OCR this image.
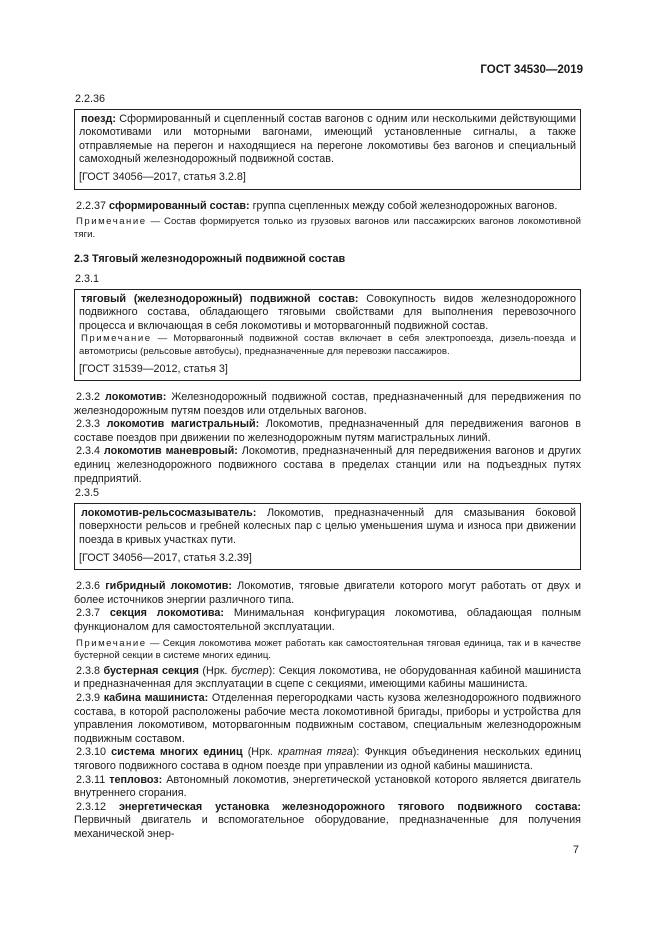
ГОСТ 34530—2019
2.2.36

поезд: Сформированный и сцепленный состав вагонов с одним или несколькими действующими локомотивами или моторными вагонами, имеющий установленные сигналы, а также отправляемые на перегон и находящиеся на перегоне локомотивы без вагонов и специальный самоходный железнодорожный подвижной состав.

[ГОСТ 34056—2017, статья 3.2.8]

2.2.37 сформированный состав: группа сцепленных между собой железнодорожных вагонов.

Примечание — Состав формируется только из грузовых вагонов или пассажирских вагонов локомотивной тяги.

2.3 Тяговый железнодорожный подвижной состав

2.3.1

тяговый (железнодорожный) подвижной состав: Совокупность видов железнодорожного подвижного состава, обладающего тяговыми свойствами для выполнения перевозочного процесса и включающая в себя локомотивы и моторвагонный подвижной состав.

Примечание — Моторвагонный подвижной состав включает в себя электропоезда, дизель-поезда и автомотрисы (рельсовые автобусы), предназначенные для перевозки пассажиров.

[ГОСТ 31539—2012, статья 3]

2.3.2 локомотив: Железнодорожный подвижной состав, предназначенный для передвижения по железнодорожным путям поездов или отдельных вагонов.

2.3.3 локомотив магистральный: Локомотив, предназначенный для передвижения вагонов в составе поездов при движении по железнодорожным путям магистральных линий.

2.3.4 локомотив маневровый: Локомотив, предназначенный для передвижения вагонов и других единиц железнодорожного подвижного состава в пределах станции или на подъездных путях предприятий.

2.3.5

локомотив-рельсосмазыватель: Локомотив, предназначенный для смазывания боковой поверхности рельсов и гребней колесных пар с целью уменьшения шума и износа при движении поезда в кривых участках пути.

[ГОСТ 34056—2017, статья 3.2.39]

2.3.6 гибридный локомотив: Локомотив, тяговые двигатели которого могут работать от двух и более источников энергии различного типа.

2.3.7 секция локомотива: Минимальная конфигурация локомотива, обладающая полным функционалом для самостоятельной эксплуатации.

Примечание — Секция локомотива может работать как самостоятельная тяговая единица, так и в качестве бустерной секции в системе многих единиц.

2.3.8 бустерная секция (Нрк. бустер): Секция локомотива, не оборудованная кабиной машиниста и предназначенная для эксплуатации в сцепе с секциями, имеющими кабины машиниста.

2.3.9 кабина машиниста: Отделенная перегородками часть кузова железнодорожного подвижного состава, в которой расположены рабочие места локомотивной бригады, приборы и устройства для управления локомотивом, моторвагонным подвижным составом, специальным железнодорожным подвижным составом.

2.3.10 система многих единиц (Нрк. кратная тяга): Функция объединения нескольких единиц тягового подвижного состава в одном поезде при управлении из одной кабины машиниста.

2.3.11 тепловоз: Автономный локомотив, энергетической установкой которого является двигатель внутреннего сгорания.

2.3.12 энергетическая установка железнодорожного тягового подвижного состава: Первичный двигатель и вспомогательное оборудование, предназначенные для получения механической энер-

7
